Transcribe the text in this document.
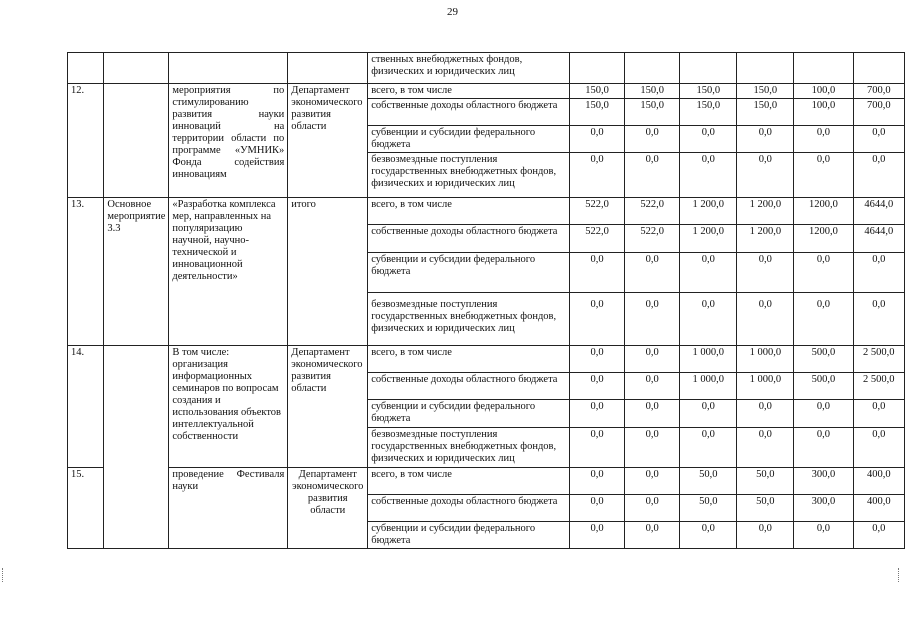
29
				ственных внебюджетных фондов, физических и юридических лиц						
12.		мероприятия по стимулированию развития науки инноваций на территории области по программе «УМНИК» Фонда содействия инновациям	Департамент экономического развития области	всего, в том числе	150,0	150,0	150,0	150,0	100,0	700,0
				собственные доходы областного бюджета	150,0	150,0	150,0	150,0	100,0	700,0
				субвенции и субсидии федерального бюджета	0,0	0,0	0,0	0,0	0,0	0,0
				безвозмездные поступления государственных внебюджетных фондов, физических и юридических лиц	0,0	0,0	0,0	0,0	0,0	0,0
13.	Основное мероприятие 3.3	«Разработка комплекса мер, направленных на популяризацию научной, научно-технической и инновационной деятельности»	итого	всего, в том числе	522,0	522,0	1 200,0	1 200,0	1200,0	4644,0
				собственные доходы областного бюджета	522,0	522,0	1 200,0	1 200,0	1200,0	4644,0
				субвенции и субсидии федерального бюджета	0,0	0,0	0,0	0,0	0,0	0,0
				безвозмездные поступления государственных внебюджетных фондов, физических и юридических лиц	0,0	0,0	0,0	0,0	0,0	0,0
14.		В том числе: организация информационных семинаров по вопросам создания и использования объектов интеллектуальной собственности	Департамент экономического развития области	всего, в том числе	0,0	0,0	1 000,0	1 000,0	500,0	2 500,0
				собственные доходы областного бюджета	0,0	0,0	1 000,0	1 000,0	500,0	2 500,0
				субвенции и субсидии федерального бюджета	0,0	0,0	0,0	0,0	0,0	0,0
				безвозмездные поступления государственных внебюджетных фондов, физических и юридических лиц	0,0	0,0	0,0	0,0	0,0	0,0
15.		проведение Фестиваля науки	Департамент экономического развития области	всего, в том числе	0,0	0,0	50,0	50,0	300,0	400,0
				собственные доходы областного бюджета	0,0	0,0	50,0	50,0	300,0	400,0
				субвенции и субсидии федерального бюджета	0,0	0,0	0,0	0,0	0,0	0,0
